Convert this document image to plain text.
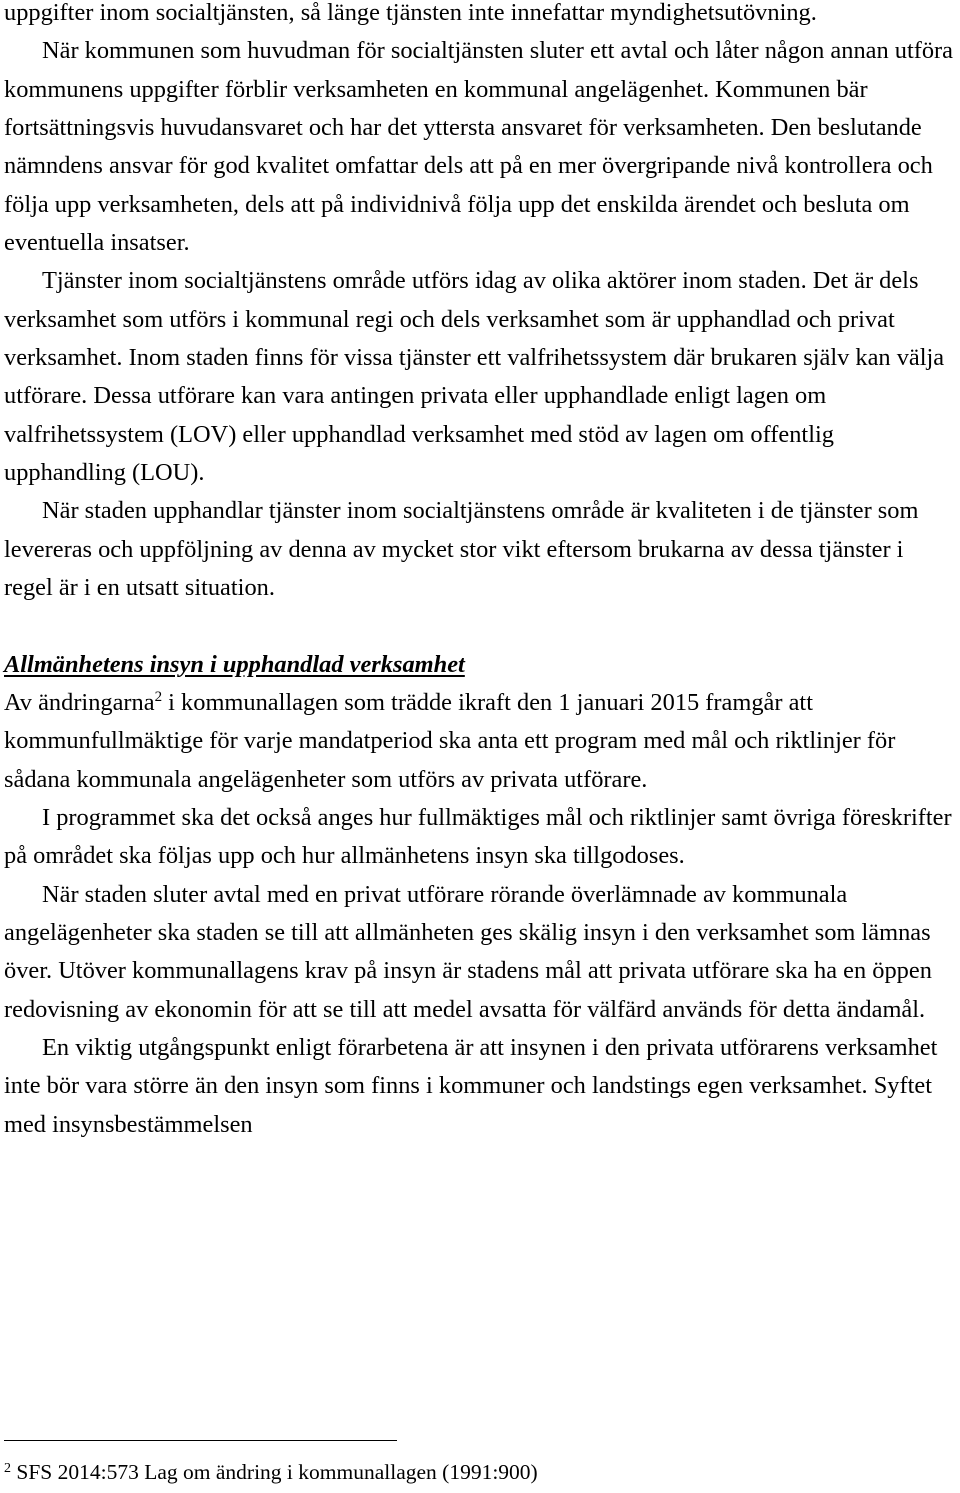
uppgifter inom socialtjänsten, så länge tjänsten inte innefattar myndighetsutövning.

När kommunen som huvudman för socialtjänsten sluter ett avtal och låter någon annan utföra kommunens uppgifter förblir verksamheten en kommunal angelägenhet. Kommunen bär fortsättningsvis huvudansvaret och har det yttersta ansvaret för verksamheten. Den beslutande nämndens ansvar för god kvalitet omfattar dels att på en mer övergripande nivå kontrollera och följa upp verksamheten, dels att på individnivå följa upp det enskilda ärendet och besluta om eventuella insatser.

Tjänster inom socialtjänstens område utförs idag av olika aktörer inom staden. Det är dels verksamhet som utförs i kommunal regi och dels verksamhet som är upphandlad och privat verksamhet. Inom staden finns för vissa tjänster ett valfrihetssystem där brukaren själv kan välja utförare. Dessa utförare kan vara antingen privata eller upphandlade enligt lagen om valfrihetssystem (LOV) eller upphandlad verksamhet med stöd av lagen om offentlig upphandling (LOU).

När staden upphandlar tjänster inom socialtjänstens område är kvaliteten i de tjänster som levereras och uppföljning av denna av mycket stor vikt eftersom brukarna av dessa tjänster i regel är i en utsatt situation.

Allmänhetens insyn i upphandlad verksamhet

Av ändringarna$^2$ i kommunallagen som trädde ikraft den 1 januari 2015 framgår att kommunfullmäktige för varje mandatperiod ska anta ett program med mål och riktlinjer för sådana kommunala angelägenheter som utförs av privata utförare.

I programmet ska det också anges hur fullmäktiges mål och riktlinjer samt övriga föreskrifter på området ska följas upp och hur allmänhetens insyn ska tillgodoses.

När staden sluter avtal med en privat utförare rörande överlämnade av kommunala angelägenheter ska staden se till att allmänheten ges skälig insyn i den verksamhet som lämnas över. Utöver kommunallagens krav på insyn är stadens mål att privata utförare ska ha en öppen redovisning av ekonomin för att se till att medel avsatta för välfärd används för detta ändamål.

En viktig utgångspunkt enligt förarbetena är att insynen i den privata utförarens verksamhet inte bör vara större än den insyn som finns i kommuner och landstings egen verksamhet. Syftet med insynsbestämmelsen

$^2$ SFS 2014:573 Lag om ändring i kommunallagen (1991:900)
